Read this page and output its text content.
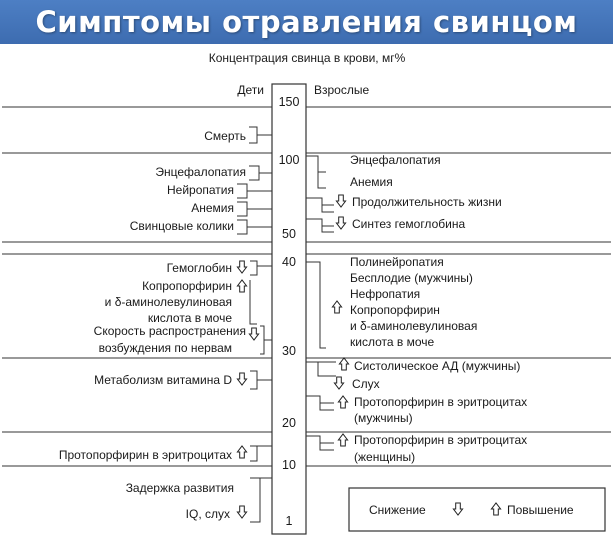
Симптомы отравления свинцом
Концентрация свинца в крови, мг%
Дети	Взрослые
150
100
50
40
30
20
10
1
Смерть
Энцефалопатия
Нейропатия
Анемия
Свинцовые колики
Гемоглобин
Копропорфирин
и δ-аминолевулиновая
кислота в моче
Скорость распространения
возбуждения по нервам
Метаболизм витамина D
Протопорфирин в эритроцитах
Задержка развития
IQ, слух
Энцефалопатия
Анемия
Продолжительность жизни
Синтез гемоглобина
Полинейропатия
Бесплодие (мужчины)
Нефропатия
Копропорфирин
и δ-аминолевулиновая
кислота в моче
Систолическое АД (мужчины)
Слух
Протопорфирин в эритроцитах
(мужчины)
Протопорфирин в эритроцитах
(женщины)
Снижение	Повышение
